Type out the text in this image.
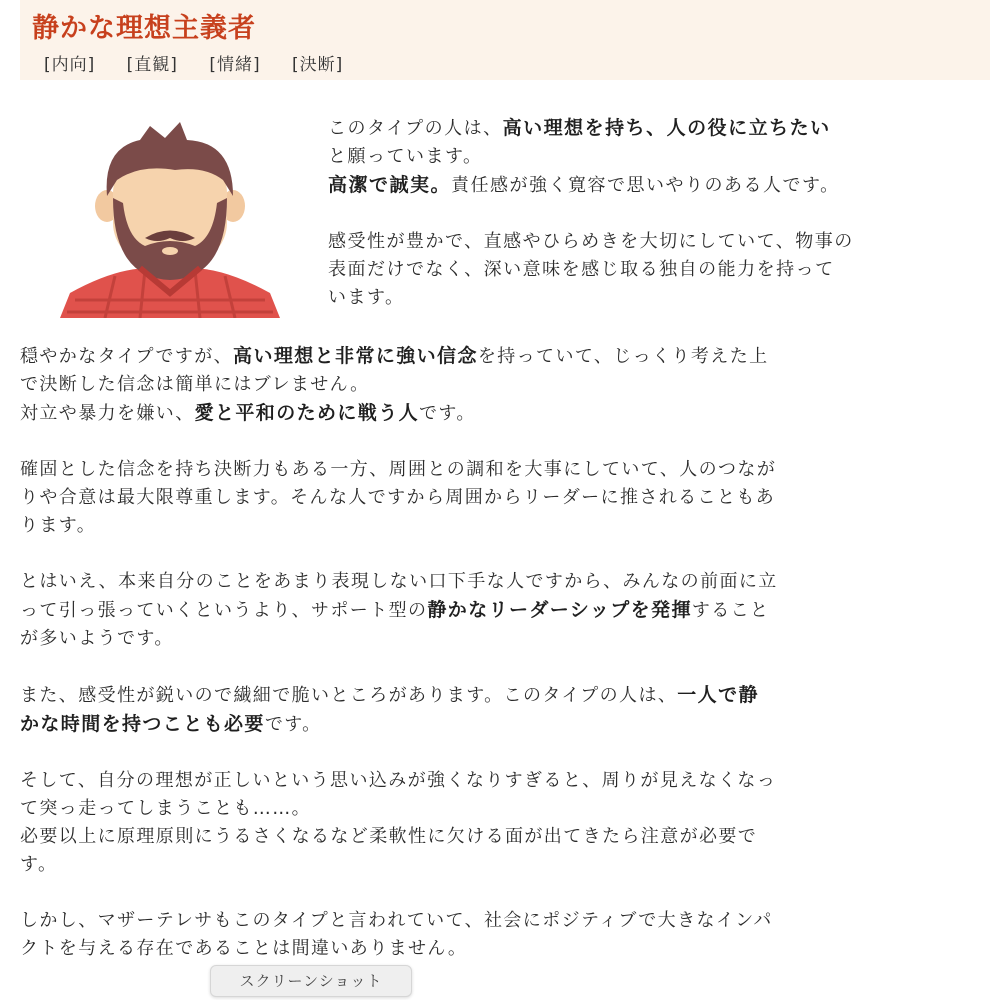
静かな理想主義者
[内向] [直観] [情緒] [決断]

このタイプの人は、高い理想を持ち、人の役に立ちたい

と願っています。

高潔で誠実。責任感が強く寛容で思いやりのある人です。

感受性が豊かで、直感やひらめきを大切にしていて、物事の

表面だけでなく、深い意味を感じ取る独自の能力を持って

います。

穏やかなタイプですが、高い理想と非常に強い信念を持っていて、じっくり考えた上

で決断した信念は簡単にはブレません。

対立や暴力を嫌い、愛と平和のために戦う人です。

確固とした信念を持ち決断力もある一方、周囲との調和を大事にしていて、人のつなが

りや合意は最大限尊重します。そんな人ですから周囲からリーダーに推されることもあ

ります。

とはいえ、本来自分のことをあまり表現しない口下手な人ですから、みんなの前面に立

って引っ張っていくというより、サポート型の静かなリーダーシップを発揮すること

が多いようです。

また、感受性が鋭いので繊細で脆いところがあります。このタイプの人は、一人で静

かな時間を持つことも必要です。

そして、自分の理想が正しいという思い込みが強くなりすぎると、周りが見えなくなっ

て突っ走ってしまうことも……。

必要以上に原理原則にうるさくなるなど柔軟性に欠ける面が出てきたら注意が必要で

す。

しかし、マザーテレサもこのタイプと言われていて、社会にポジティブで大きなインパ

クトを与える存在であることは間違いありません。

スクリーンショット
